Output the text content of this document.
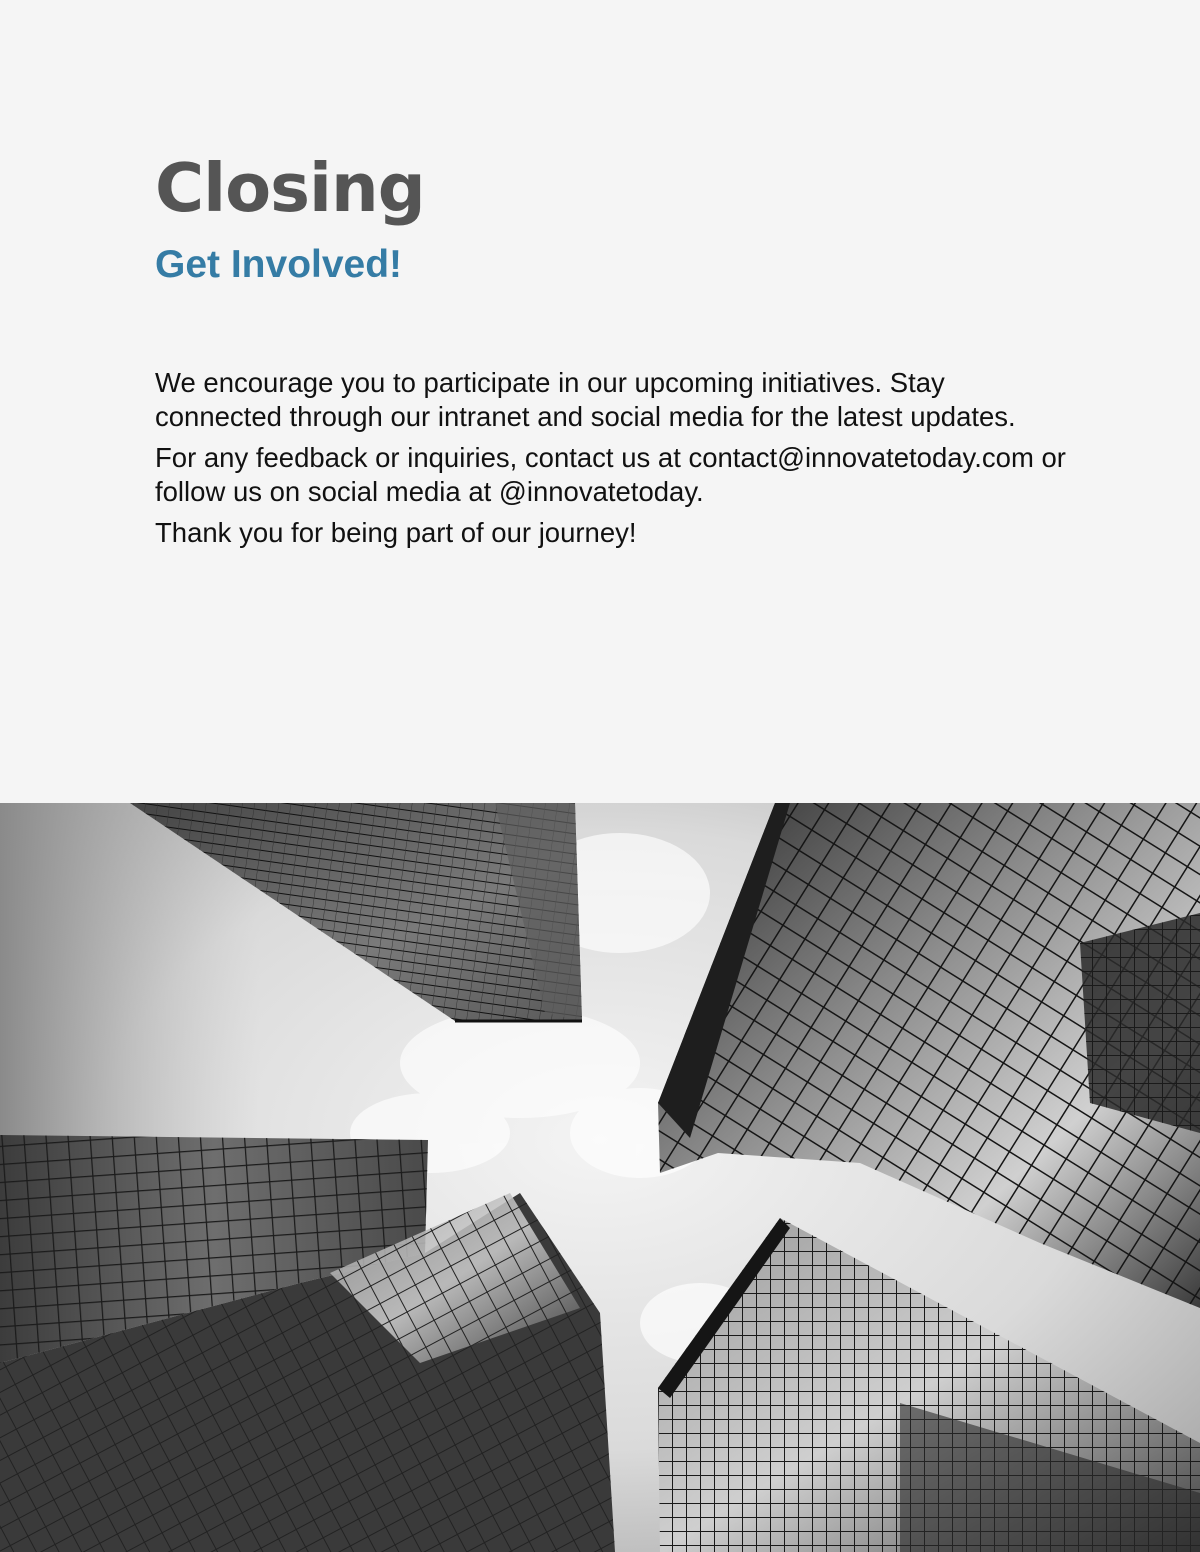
Closing
Get Involved!

We encourage you to participate in our upcoming initiatives. Stay connected through our intranet and social media for the latest updates.

For any feedback or inquiries, contact us at contact@innovatetoday.com or follow us on social media at @innovatetoday.

Thank you for being part of our journey!
